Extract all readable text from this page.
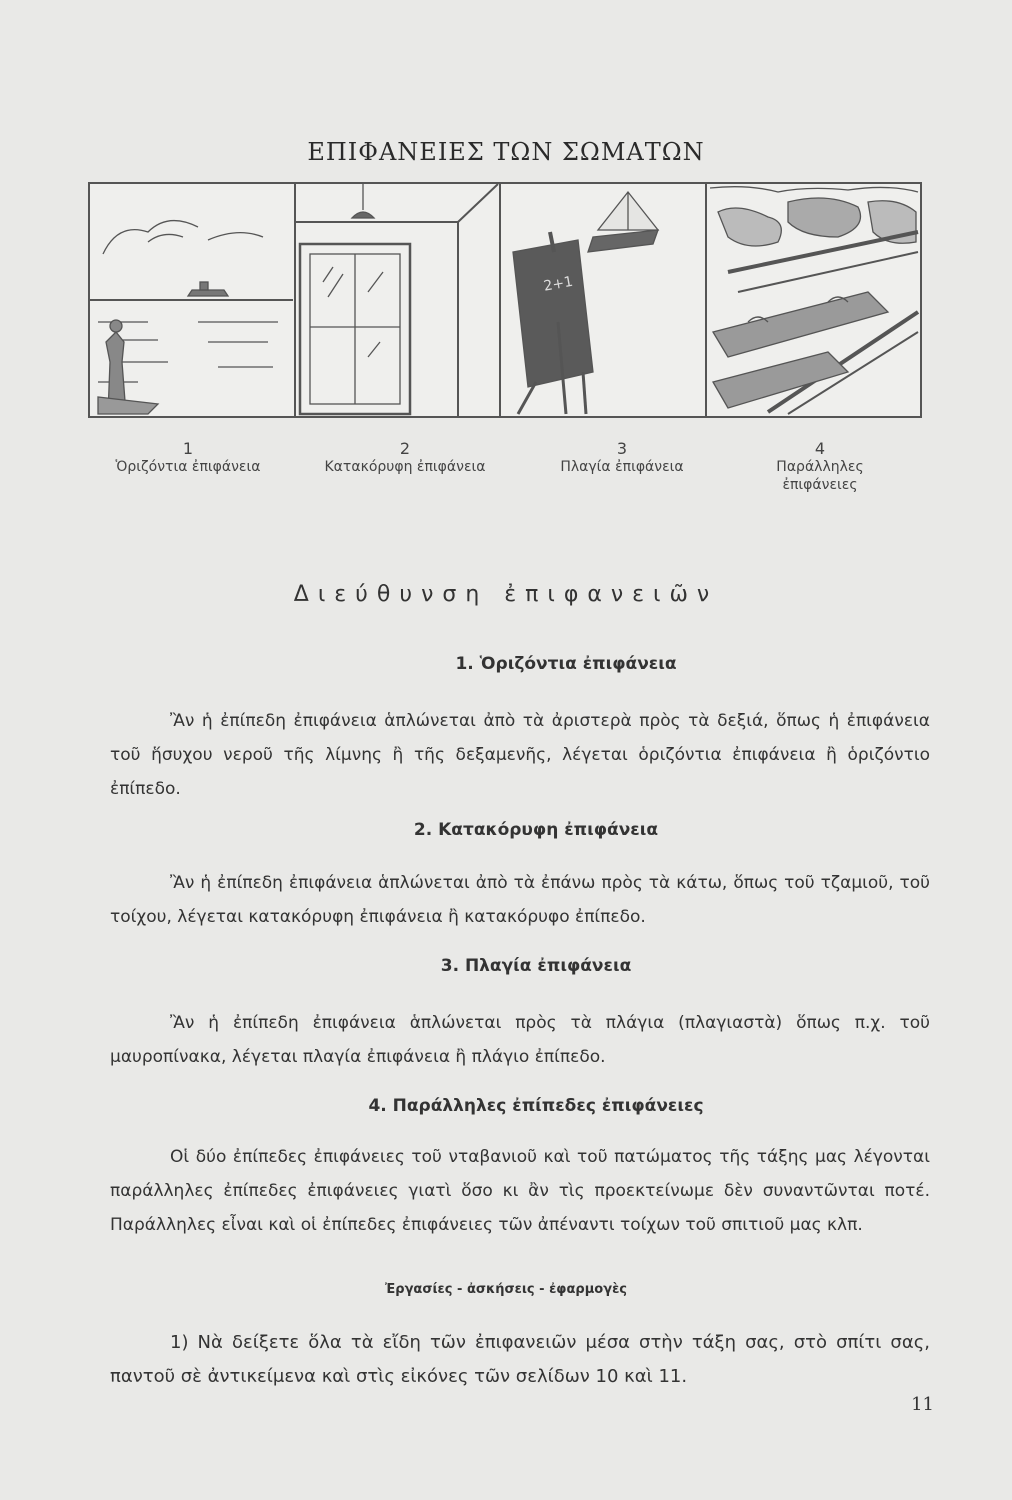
ΕΠΙΦΑΝΕΙΕΣ ΤΩΝ ΣΩΜΑΤΩΝ
2+1
1
Ὁριζόντια ἐπιφάνεια
2
Κατακόρυφη ἐπιφάνεια
3
Πλαγία ἐπιφάνεια
4
Παράλληλες ἐπιφάνειες
Διεύθυνση ἐπιφανειῶν
1. Ὁριζόντια ἐπιφάνεια
Ἂν ἡ ἐπίπεδη ἐπιφάνεια ἁπλώνεται ἀπὸ τὰ ἀριστερὰ πρὸς τὰ δεξιά, ὅπως ἡ ἐπιφάνεια τοῦ ἥσυχου νεροῦ τῆς λίμνης ἢ τῆς δεξαμενῆς, λέγεται ὁριζόντια ἐπιφάνεια ἢ ὁριζόντιο ἐπίπεδο.
2. Κατακόρυφη ἐπιφάνεια
Ἂν ἡ ἐπίπεδη ἐπιφάνεια ἁπλώνεται ἀπὸ τὰ ἐπάνω πρὸς τὰ κάτω, ὅπως τοῦ τζαμιοῦ, τοῦ τοίχου, λέγεται κατακόρυφη ἐπιφάνεια ἢ κατακόρυφο ἐπίπεδο.
3. Πλαγία ἐπιφάνεια
Ἂν ἡ ἐπίπεδη ἐπιφάνεια ἁπλώνεται πρὸς τὰ πλάγια (πλαγιαστὰ) ὅπως π.χ. τοῦ μαυροπίνακα, λέγεται πλαγία ἐπιφάνεια ἢ πλάγιο ἐπίπεδο.
4. Παράλληλες ἐπίπεδες ἐπιφάνειες
Οἱ δύο ἐπίπεδες ἐπιφάνειες τοῦ νταβανιοῦ καὶ τοῦ πατώματος τῆς τάξης μας λέγονται παράλληλες ἐπίπεδες ἐπιφάνειες γιατὶ ὅσο κι ἂν τὶς προεκτείνωμε δὲν συναντῶνται ποτέ. Παράλληλες εἶναι καὶ οἱ ἐπίπεδες ἐπιφάνειες τῶν ἀπέναντι τοίχων τοῦ σπιτιοῦ μας κλπ.
Ἐργασίες - ἀσκήσεις - ἐφαρμογὲς
1) Νὰ δείξετε ὅλα τὰ εἴδη τῶν ἐπιφανειῶν μέσα στὴν τάξη σας, στὸ σπίτι σας, παντοῦ σὲ ἀντικείμενα καὶ στὶς εἰκόνες τῶν σελίδων 10 καὶ 11.
11
